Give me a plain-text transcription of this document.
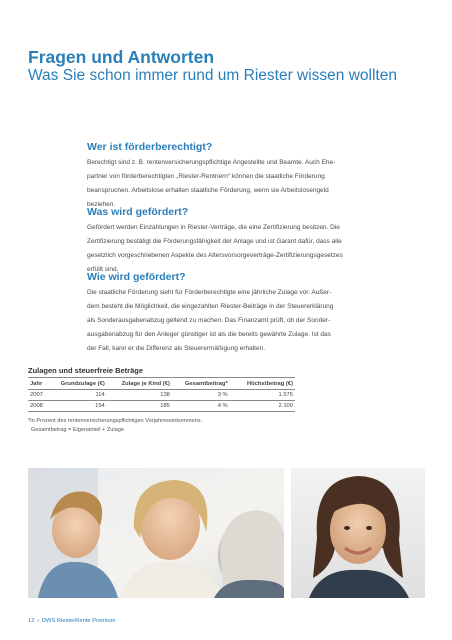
Fragen und Antworten
Was Sie schon immer rund um Riester wissen wollten
Wer ist förderberechtigt?

Berechtigt sind z. B. rentenversicherungspflichtige Angestellte und Beamte. Auch Ehe-
partner von förderberechtigten „Riester-Rentnern“ können die staatliche Förderung
beanspruchen. Arbeitslose erhalten staatliche Förderung, wenn sie Arbeitslosengeld
beziehen.

Was wird gefördert?

Gefördert werden Einzahlungen in Riester-Verträge, die eine Zertifizierung besitzen. Die
Zertifizierung bestätigt die Förderungsfähigkeit der Anlage und ist Garant dafür, dass alle
gesetzlich vorgeschriebenen Aspekte des Altersvorsorgeverträge-Zertifizierungsgesetzes
erfüllt sind.

Wie wird gefördert?

Die staatliche Förderung sieht für Förderberechtigte eine jährliche Zulage vor. Außer-
dem besteht die Möglichkeit, die eingezahlten Riester-Beiträge in der Steuererklärung
als Sonderausgabenabzug geltend zu machen. Das Finanzamt prüft, ob der Sonder-
ausgabenabzug für den Anleger günstiger ist als die bereits gewährte Zulage. Ist das
der Fall, kann er die Differenz als Steuerermäßigung erhalten.

Zulagen und steuerfreie Beträge
Jahr	Grundzulage (€)	Zulage je Kind (€)	Gesamtbeitrag*	Höchstbetrag (€)
2007	114	138	3 %	1.575
2008	154	185	4 %	2.100
*In Prozent des rentenversicherungspflichtigen Vorjahreseinkommens.
Gesamtbetrag = Eigenanteil + Zulage
12 » DWS RiesterRente Premium
